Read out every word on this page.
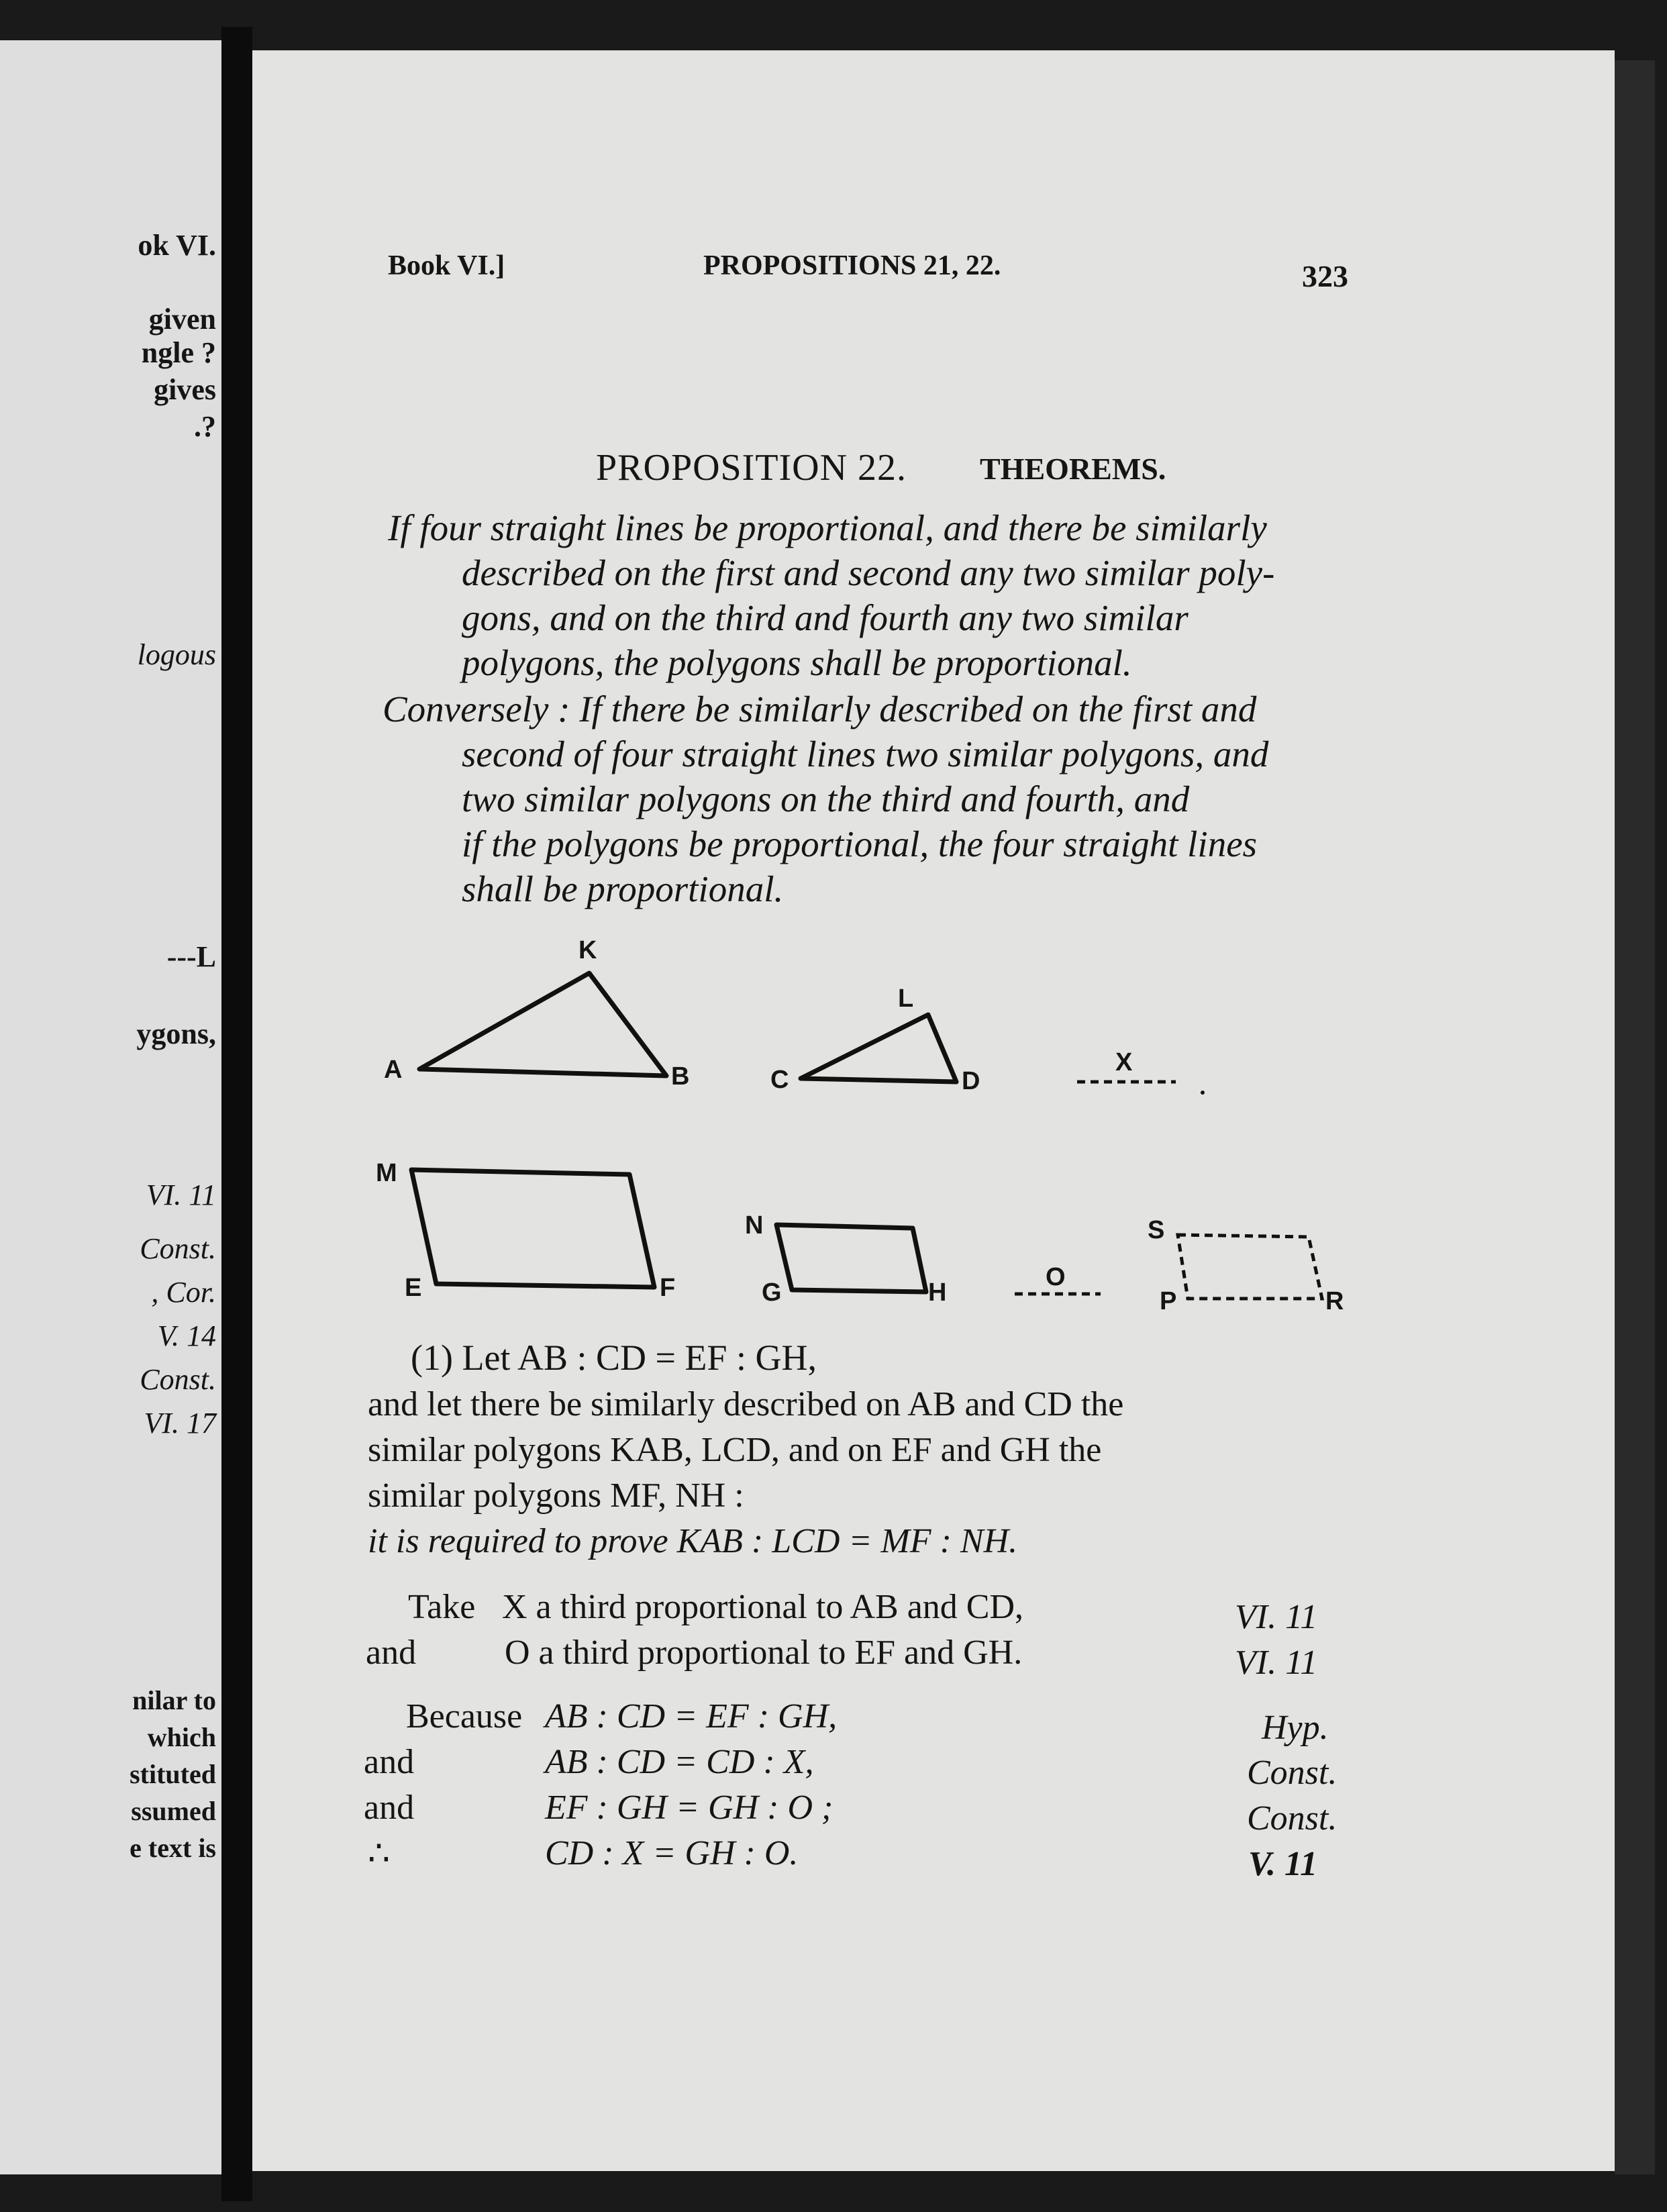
ok VI.
given
ngle ?
gives
.?
logous
---L
ygons,
VI. 11
Const.
, Cor.
V. 14
Const.
VI. 17
nilar to
which
stituted
ssumed
e text is
Book VI.]	PROPOSITIONS 21, 22.	323
PROPOSITION 22. THEOREMS.
If four straight lines be proportional, and there be similarly
described on the first and second any two similar poly-
gons, and on the third and fourth any two similar
polygons, the polygons shall be proportional.
Conversely : If there be similarly described on the first and
second of four straight lines two similar polygons, and
two similar polygons on the third and fourth, and
if the polygons be proportional, the four straight lines
shall be proportional.
K
A	B
L
C	D
X
M
E	F
N
G	H
O
S
P	R
(1) Let AB : CD = EF : GH,
and let there be similarly described on AB and CD the
similar polygons KAB, LCD, and on EF and GH the
similar polygons MF, NH :
it is required to prove KAB : LCD = MF : NH.
Take X a third proportional to AB and CD,	VI. 11
and	O a third proportional to EF and GH.	VI. 11
Because AB : CD = EF : GH,	Hyp.
and	AB : CD = CD : X,	Const.
and	EF : GH = GH : O ;	Const.
∴	CD : X = GH : O.	V. 11
